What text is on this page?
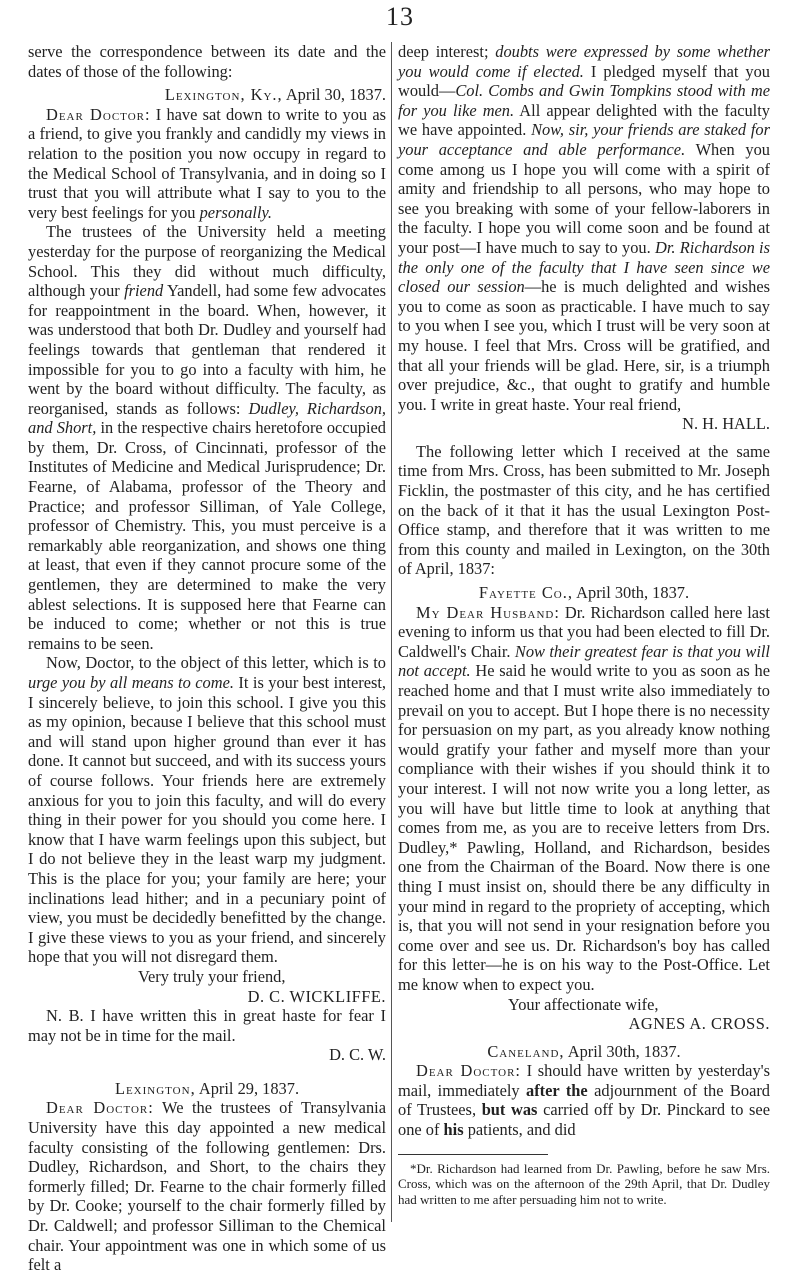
13

serve the correspondence between its date and the dates of those of the following:

Lexington, Ky., April 30, 1837.

Dear Doctor: I have sat down to write to you as a friend, to give you frankly and candidly my views in relation to the position you now occupy in regard to the Medical School of Transylvania, and in doing so I trust that you will attribute what I say to you to the very best feelings for you personally.

The trustees of the University held a meeting yesterday for the purpose of reorganizing the Medical School. This they did without much difficulty, although your friend Yandell, had some few advocates for reappointment in the board. When, however, it was understood that both Dr. Dudley and yourself had feelings towards that gentleman that rendered it impossible for you to go into a faculty with him, he went by the board without difficulty. The faculty, as reorganised, stands as follows: Dudley, Richardson, and Short, in the respective chairs heretofore occupied by them, Dr. Cross, of Cincinnati, professor of the Institutes of Medicine and Medical Jurisprudence; Dr. Fearne, of Alabama, professor of the Theory and Practice; and professor Silliman, of Yale College, professor of Chemistry. This, you must perceive is a remarkably able reorganization, and shows one thing at least, that even if they cannot procure some of the gentlemen, they are determined to make the very ablest selections. It is supposed here that Fearne can be induced to come; whether or not this is true remains to be seen.

Now, Doctor, to the object of this letter, which is to urge you by all means to come. It is your best interest, I sincerely believe, to join this school. I give you this as my opinion, because I believe that this school must and will stand upon higher ground than ever it has done. It cannot but succeed, and with its success yours of course follows. Your friends here are extremely anxious for you to join this faculty, and will do every thing in their power for you should you come here. I know that I have warm feelings upon this subject, but I do not believe they in the least warp my judgment. This is the place for you; your family are here; your inclinations lead hither; and in a pecuniary point of view, you must be decidedly benefitted by the change. I give these views to you as your friend, and sincerely hope that you will not disregard them.

Very truly your friend,

D. C. WICKLIFFE.

N. B. I have written this in great haste for fear I may not be in time for the mail.

D. C. W.

Lexington, April 29, 1837.

Dear Doctor: We the trustees of Transylvania University have this day appointed a new medical faculty consisting of the following gentlemen: Drs. Dudley, Richardson, and Short, to the chairs they formerly filled; Dr. Fearne to the chair formerly filled by Dr. Cooke; yourself to the chair formerly filled by Dr. Caldwell; and professor Silliman to the Chemical chair. Your appointment was one in which some of us felt a

deep interest; doubts were expressed by some whether you would come if elected. I pledged myself that you would—Col. Combs and Gwin Tompkins stood with me for you like men. All appear delighted with the faculty we have appointed. Now, sir, your friends are staked for your acceptance and able performance. When you come among us I hope you will come with a spirit of amity and friendship to all persons, who may hope to see you breaking with some of your fellow-laborers in the faculty. I hope you will come soon and be found at your post—I have much to say to you. Dr. Richardson is the only one of the faculty that I have seen since we closed our session—he is much delighted and wishes you to come as soon as practicable. I have much to say to you when I see you, which I trust will be very soon at my house. I feel that Mrs. Cross will be gratified, and that all your friends will be glad. Here, sir, is a triumph over prejudice, &c., that ought to gratify and humble you. I write in great haste. Your real friend,

N. H. HALL.

The following letter which I received at the same time from Mrs. Cross, has been submitted to Mr. Joseph Ficklin, the postmaster of this city, and he has certified on the back of it that it has the usual Lexington Post-Office stamp, and therefore that it was written to me from this county and mailed in Lexington, on the 30th of April, 1837:

Fayette Co., April 30th, 1837.

My Dear Husband: Dr. Richardson called here last evening to inform us that you had been elected to fill Dr. Caldwell's Chair. Now their greatest fear is that you will not accept. He said he would write to you as soon as he reached home and that I must write also immediately to prevail on you to accept. But I hope there is no necessity for persuasion on my part, as you already know nothing would gratify your father and myself more than your compliance with their wishes if you should think it to your interest. I will not now write you a long letter, as you will have but little time to look at anything that comes from me, as you are to receive letters from Drs. Dudley,* Pawling, Holland, and Richardson, besides one from the Chairman of the Board. Now there is one thing I must insist on, should there be any difficulty in your mind in regard to the propriety of accepting, which is, that you will not send in your resignation before you come over and see us. Dr. Richardson's boy has called for this letter—he is on his way to the Post-Office. Let me know when to expect you.

Your affectionate wife,

AGNES A. CROSS.

Caneland, April 30th, 1837.

Dear Doctor: I should have written by yesterday's mail, immediately after the adjournment of the Board of Trustees, but was carried off by Dr. Pinckard to see one of his patients, and did

*Dr. Richardson had learned from Dr. Pawling, before he saw Mrs. Cross, which was on the afternoon of the 29th April, that Dr. Dudley had written to me after persuading him not to write.
